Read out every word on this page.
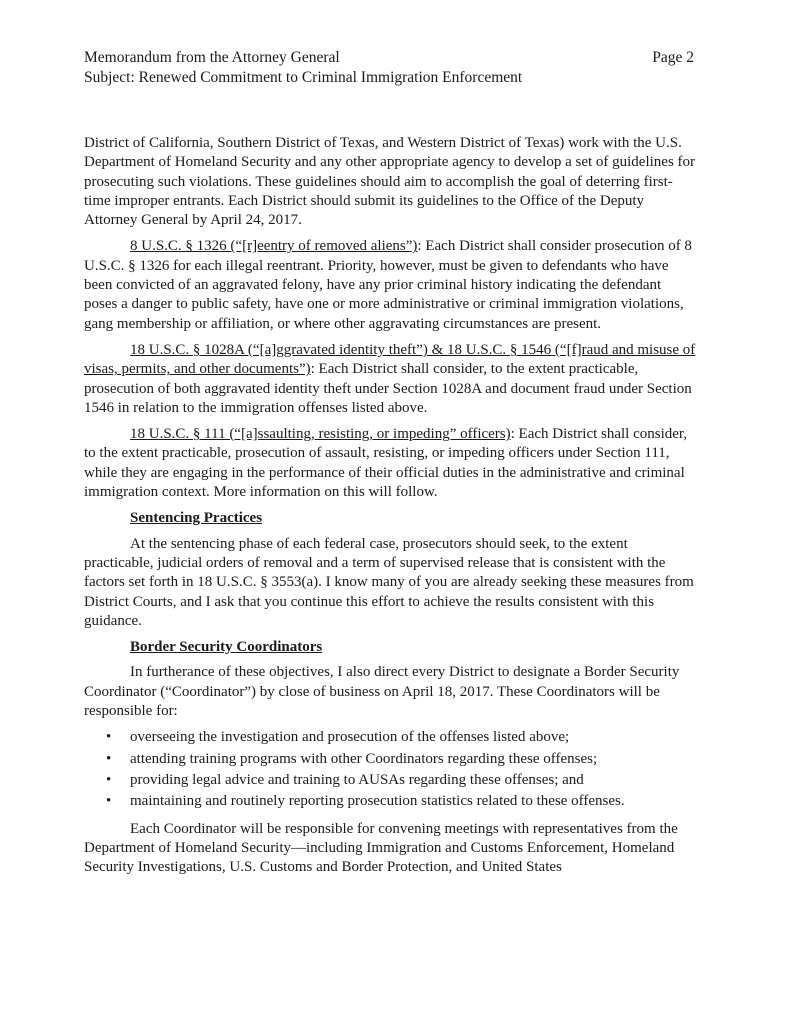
Memorandum from the Attorney General
Subject: Renewed Commitment to Criminal Immigration Enforcement
Page 2

District of California, Southern District of Texas, and Western District of Texas) work with the U.S. Department of Homeland Security and any other appropriate agency to develop a set of guidelines for prosecuting such violations. These guidelines should aim to accomplish the goal of deterring first-time improper entrants. Each District should submit its guidelines to the Office of the Deputy Attorney General by April 24, 2017.

8 U.S.C. § 1326 (“[r]eentry of removed aliens”): Each District shall consider prosecution of 8 U.S.C. § 1326 for each illegal reentrant. Priority, however, must be given to defendants who have been convicted of an aggravated felony, have any prior criminal history indicating the defendant poses a danger to public safety, have one or more administrative or criminal immigration violations, gang membership or affiliation, or where other aggravating circumstances are present.

18 U.S.C. § 1028A (“[a]ggravated identity theft”) & 18 U.S.C. § 1546 (“[f]raud and misuse of visas, permits, and other documents”): Each District shall consider, to the extent practicable, prosecution of both aggravated identity theft under Section 1028A and document fraud under Section 1546 in relation to the immigration offenses listed above.

18 U.S.C. § 111 (“[a]ssaulting, resisting, or impeding” officers): Each District shall consider, to the extent practicable, prosecution of assault, resisting, or impeding officers under Section 111, while they are engaging in the performance of their official duties in the administrative and criminal immigration context. More information on this will follow.

Sentencing Practices

At the sentencing phase of each federal case, prosecutors should seek, to the extent practicable, judicial orders of removal and a term of supervised release that is consistent with the factors set forth in 18 U.S.C. § 3553(a). I know many of you are already seeking these measures from District Courts, and I ask that you continue this effort to achieve the results consistent with this guidance.

Border Security Coordinators

In furtherance of these objectives, I also direct every District to designate a Border Security Coordinator (“Coordinator”) by close of business on April 18, 2017. These Coordinators will be responsible for:

• overseeing the investigation and prosecution of the offenses listed above;
• attending training programs with other Coordinators regarding these offenses;
• providing legal advice and training to AUSAs regarding these offenses; and
• maintaining and routinely reporting prosecution statistics related to these offenses.

Each Coordinator will be responsible for convening meetings with representatives from the Department of Homeland Security—including Immigration and Customs Enforcement, Homeland Security Investigations, U.S. Customs and Border Protection, and United States
